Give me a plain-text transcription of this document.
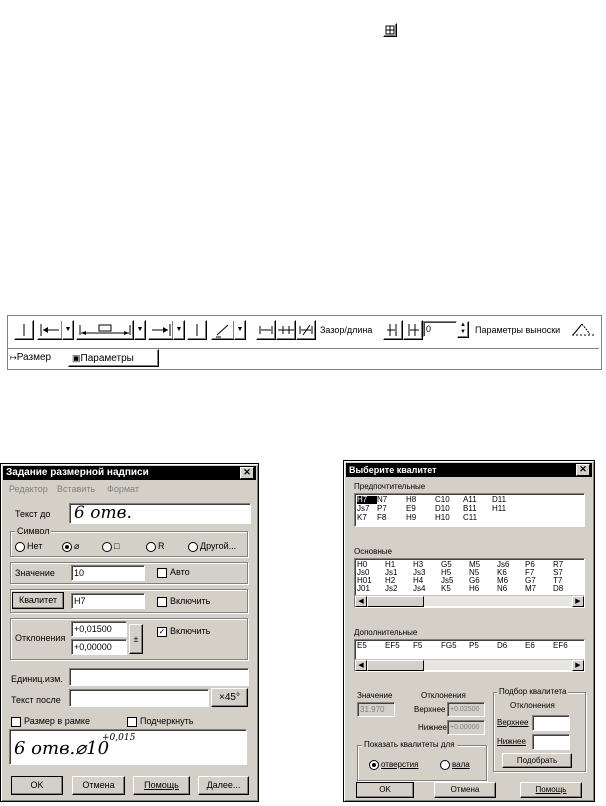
▼	▼	▼	▼	Зазор/длина	0	▲
▼	Параметры выноски
↦Размер	▣Параметры
Задание размерной надписи	✕
Редактор Вставить Формат
Текст до 6 отв.
Символ
Нет	⌀	□	R	Другой...
Значение	10	Авто
Квалитет	H7	Включить
Отклонения
+0,01500
+0,00000
±
✓ Включить
Единиц.изм.
Текст после	×45°
Размер в рамке	Подчеркнуть
6 отв.⌀10
+0,015
OK	Отмена	Помощь	Далее...
Выберите квалитет	✕
Предпочтительные
H7	N7 H8 C10 A11 D11
Js7 P7 E9 D10 B11 H11
K7 F8 H9 H10 C11
Основные
H0 H1 H3 G5 M5 Js6 P6 R7
Js0 Js1 Js3 H5 N5 K6 F7 S7
H01 H2 H4 Js5 G6 M6 G7 T7
J01 Js2 Js4 K5 H6 N6 M7 D8
◀	▶
Дополнительные
E5 EF5 F5 FG5 P5 D6 E6 EF6
◀	▶
Значение
31.970
Отклонения
Верхнее +0.02500
Нижнее +0.00000
Подбор квалитета
Отклонения
Верхнее
Нижнее
Подобрать
Показать квалитеты для
отверстия	вала
OK	Отмена	Помощь
